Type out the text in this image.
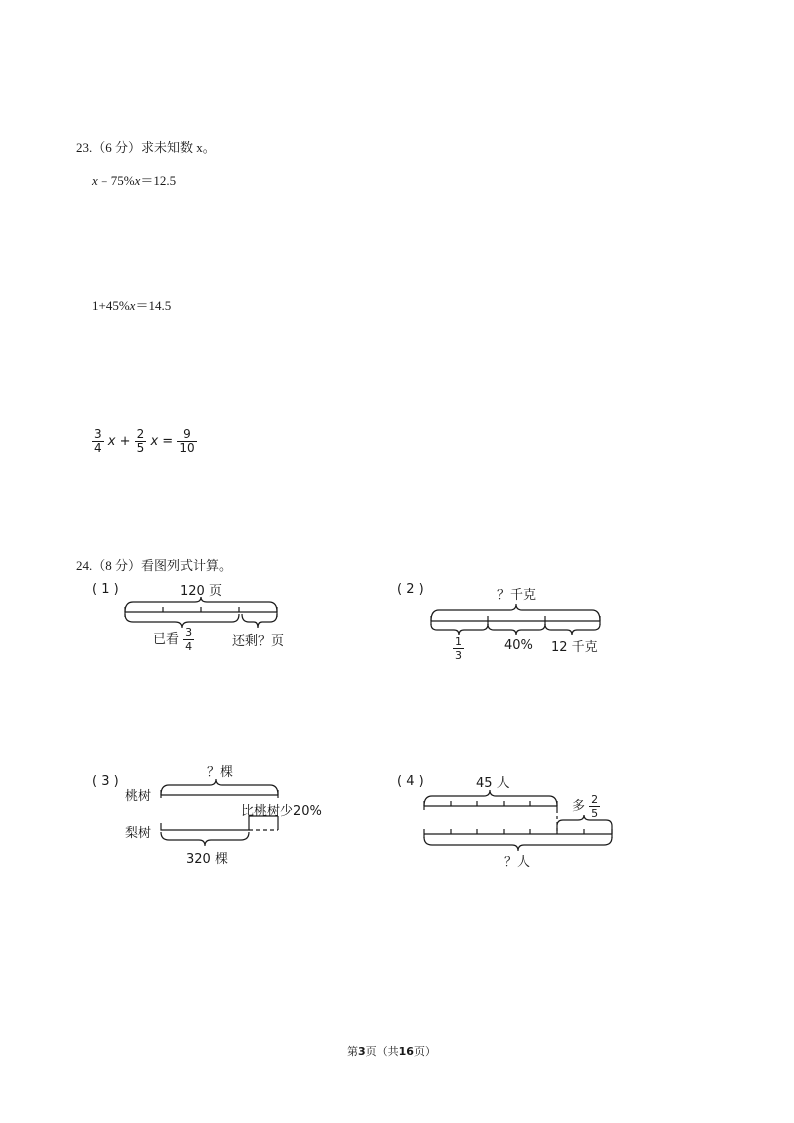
23.（6 分）求未知数 x。
x﹣75%x＝12.5
1+45%x＝14.5
$\frac{3}{4}$ $x + \frac{2}{5}$ $x = \frac{9}{10}$
24.（8 分）看图列式计算。
( 1 )	120 页
已看 $\frac{3}{4}$	还剩？页
( 2 )	？千克
$\frac{1}{3}$	40% 12 千克
( 3 )
？棵
桃树
梨树
比桃树少20%
320 棵
( 4 )	45 人
多 $\frac{2}{5}$
？人
第3页（共16页）
